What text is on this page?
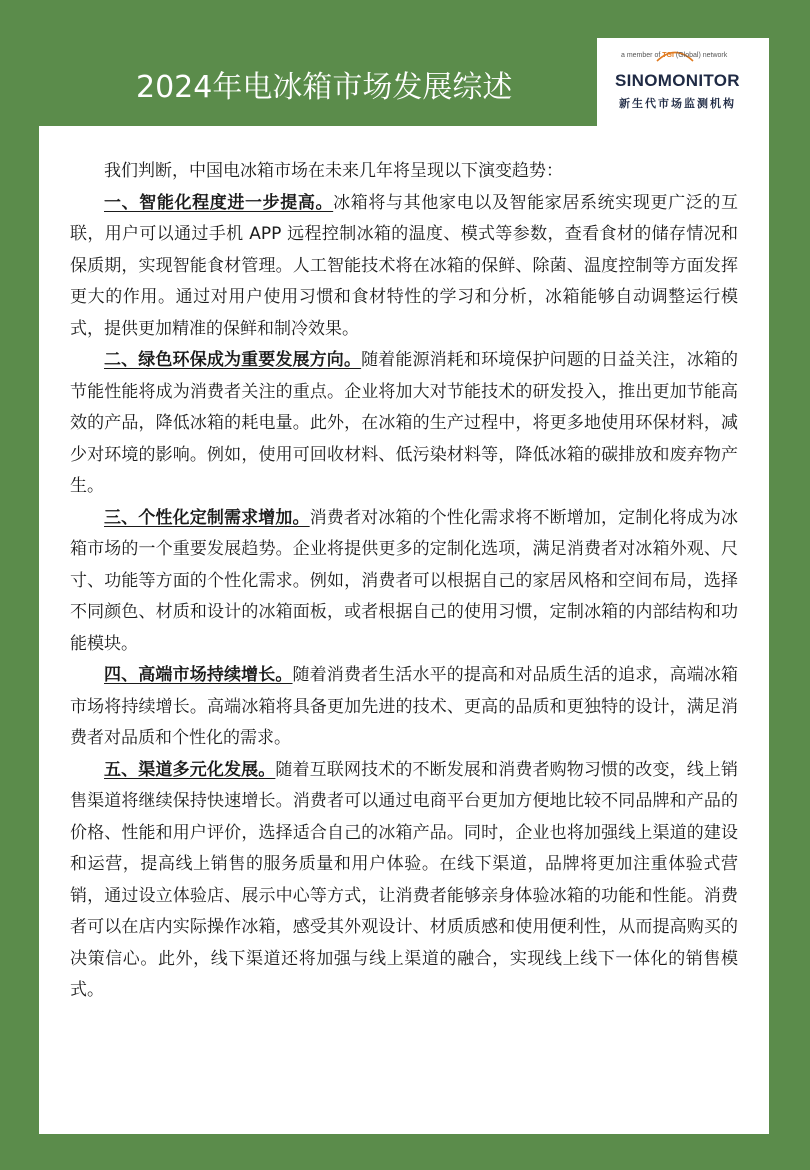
2024年电冰箱市场发展综述
a member of TGI (Global) network
SINOMONITOR
新生代市场监测机构

我们判断，中国电冰箱市场在未来几年将呈现以下演变趋势：

一、智能化程度进一步提高。冰箱将与其他家电以及智能家居系统实现更广泛的互联，用户可以通过手机 APP 远程控制冰箱的温度、模式等参数，查看食材的储存情况和保质期，实现智能食材管理。人工智能技术将在冰箱的保鲜、除菌、温度控制等方面发挥更大的作用。通过对用户使用习惯和食材特性的学习和分析，冰箱能够自动调整运行模式，提供更加精准的保鲜和制冷效果。

二、绿色环保成为重要发展方向。随着能源消耗和环境保护问题的日益关注，冰箱的节能性能将成为消费者关注的重点。企业将加大对节能技术的研发投入，推出更加节能高效的产品，降低冰箱的耗电量。此外，在冰箱的生产过程中，将更多地使用环保材料，减少对环境的影响。例如，使用可回收材料、低污染材料等，降低冰箱的碳排放和废弃物产生。

三、个性化定制需求增加。消费者对冰箱的个性化需求将不断增加，定制化将成为冰箱市场的一个重要发展趋势。企业将提供更多的定制化选项，满足消费者对冰箱外观、尺寸、功能等方面的个性化需求。例如，消费者可以根据自己的家居风格和空间布局，选择不同颜色、材质和设计的冰箱面板，或者根据自己的使用习惯，定制冰箱的内部结构和功能模块。

四、高端市场持续增长。随着消费者生活水平的提高和对品质生活的追求，高端冰箱市场将持续增长。高端冰箱将具备更加先进的技术、更高的品质和更独特的设计，满足消费者对品质和个性化的需求。

五、渠道多元化发展。随着互联网技术的不断发展和消费者购物习惯的改变，线上销售渠道将继续保持快速增长。消费者可以通过电商平台更加方便地比较不同品牌和产品的价格、性能和用户评价，选择适合自己的冰箱产品。同时，企业也将加强线上渠道的建设和运营，提高线上销售的服务质量和用户体验。在线下渠道，品牌将更加注重体验式营销，通过设立体验店、展示中心等方式，让消费者能够亲身体验冰箱的功能和性能。消费者可以在店内实际操作冰箱，感受其外观设计、材质质感和使用便利性，从而提高购买的决策信心。此外，线下渠道还将加强与线上渠道的融合，实现线上线下一体化的销售模式。
